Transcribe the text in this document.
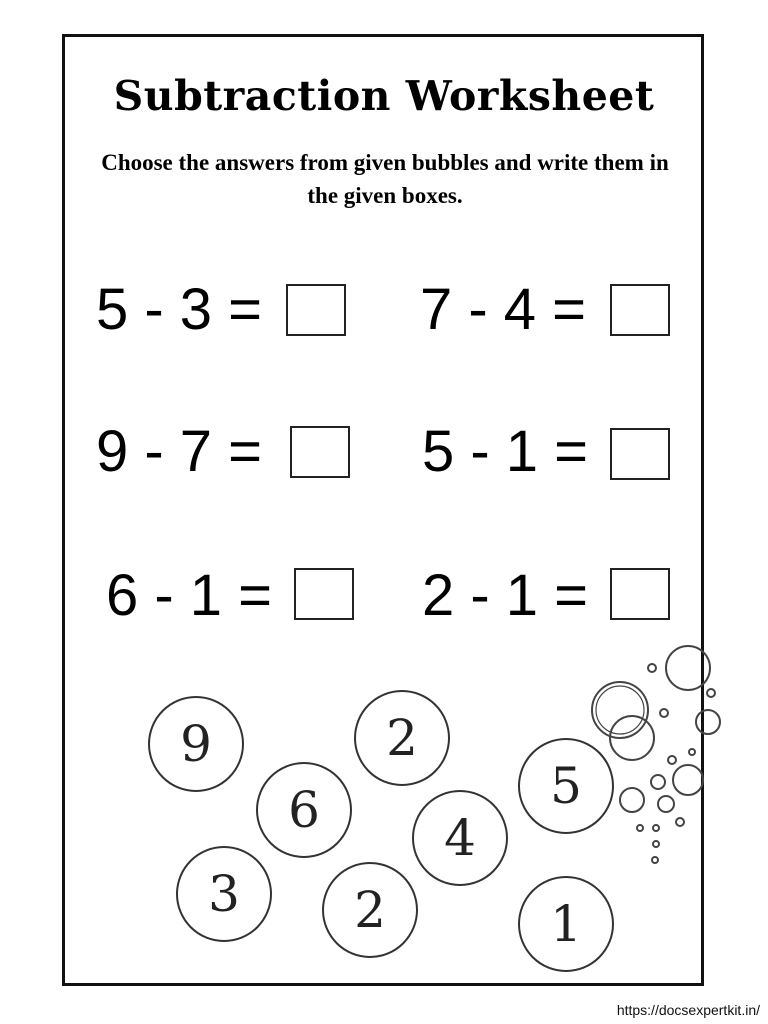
Subtraction Worksheet
Choose the answers from given bubbles and write them in the given boxes.
5 - 3 =	7 - 4 =
9 - 7 =	5 - 1 =
6 - 1 =	2 - 1 =
9	2
6	4
5
3	2	1
https://docsexpertkit.in/
